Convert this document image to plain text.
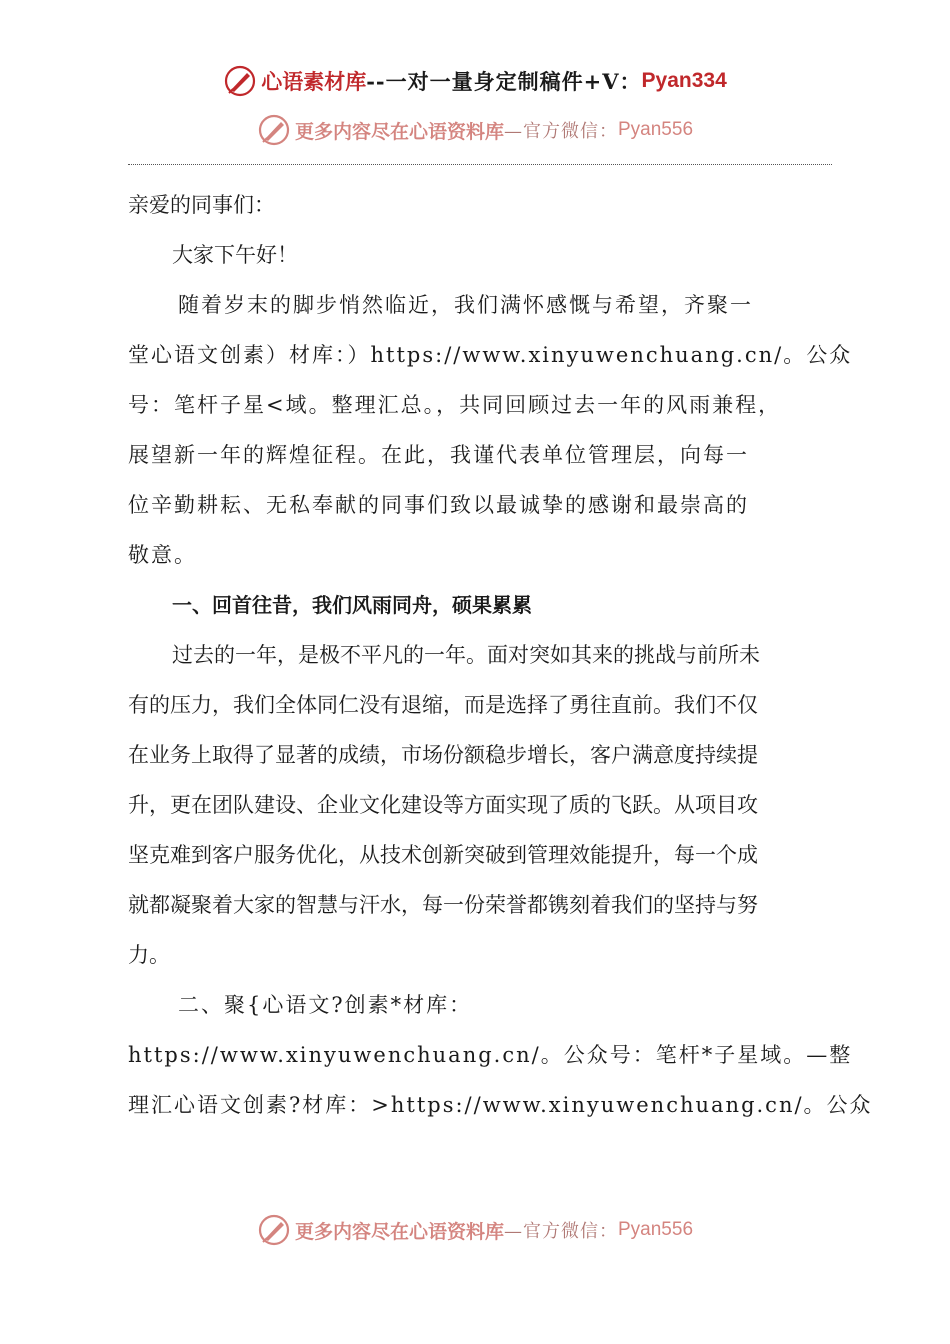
心语素材库 --一对一量身定制稿件+V： Pyan334
更多内容尽在心语资料库 —官方微信： Pyan556
亲爱的同事们：
大家下午好！
随着岁末的脚步悄然临近，我们满怀感慨与希望，齐聚一
堂心语文创素）材库：）https://www.xinyuwenchuang.cn/。公众
号：笔杆子星<域。整理汇总。，共同回顾过去一年的风雨兼程，
展望新一年的辉煌征程。在此，我谨代表单位管理层，向每一
位辛勤耕耘、无私奉献的同事们致以最诚挚的感谢和最崇高的
敬意。
一、回首往昔，我们风雨同舟，硕果累累
过去的一年，是极不平凡的一年。面对突如其来的挑战与前所未
有的压力，我们全体同仁没有退缩，而是选择了勇往直前。我们不仅
在业务上取得了显著的成绩，市场份额稳步增长，客户满意度持续提
升，更在团队建设、企业文化建设等方面实现了质的飞跃。从项目攻
坚克难到客户服务优化，从技术创新突破到管理效能提升，每一个成
就都凝聚着大家的智慧与汗水，每一份荣誉都镌刻着我们的坚持与努
力。
二、聚{心语文?创素*材库：
https://www.xinyuwenchuang.cn/。公众号：笔杆*子星域。—整
理汇心语文创素?材库：>https://www.xinyuwenchuang.cn/。公众
更多内容尽在心语资料库 —官方微信： Pyan556
